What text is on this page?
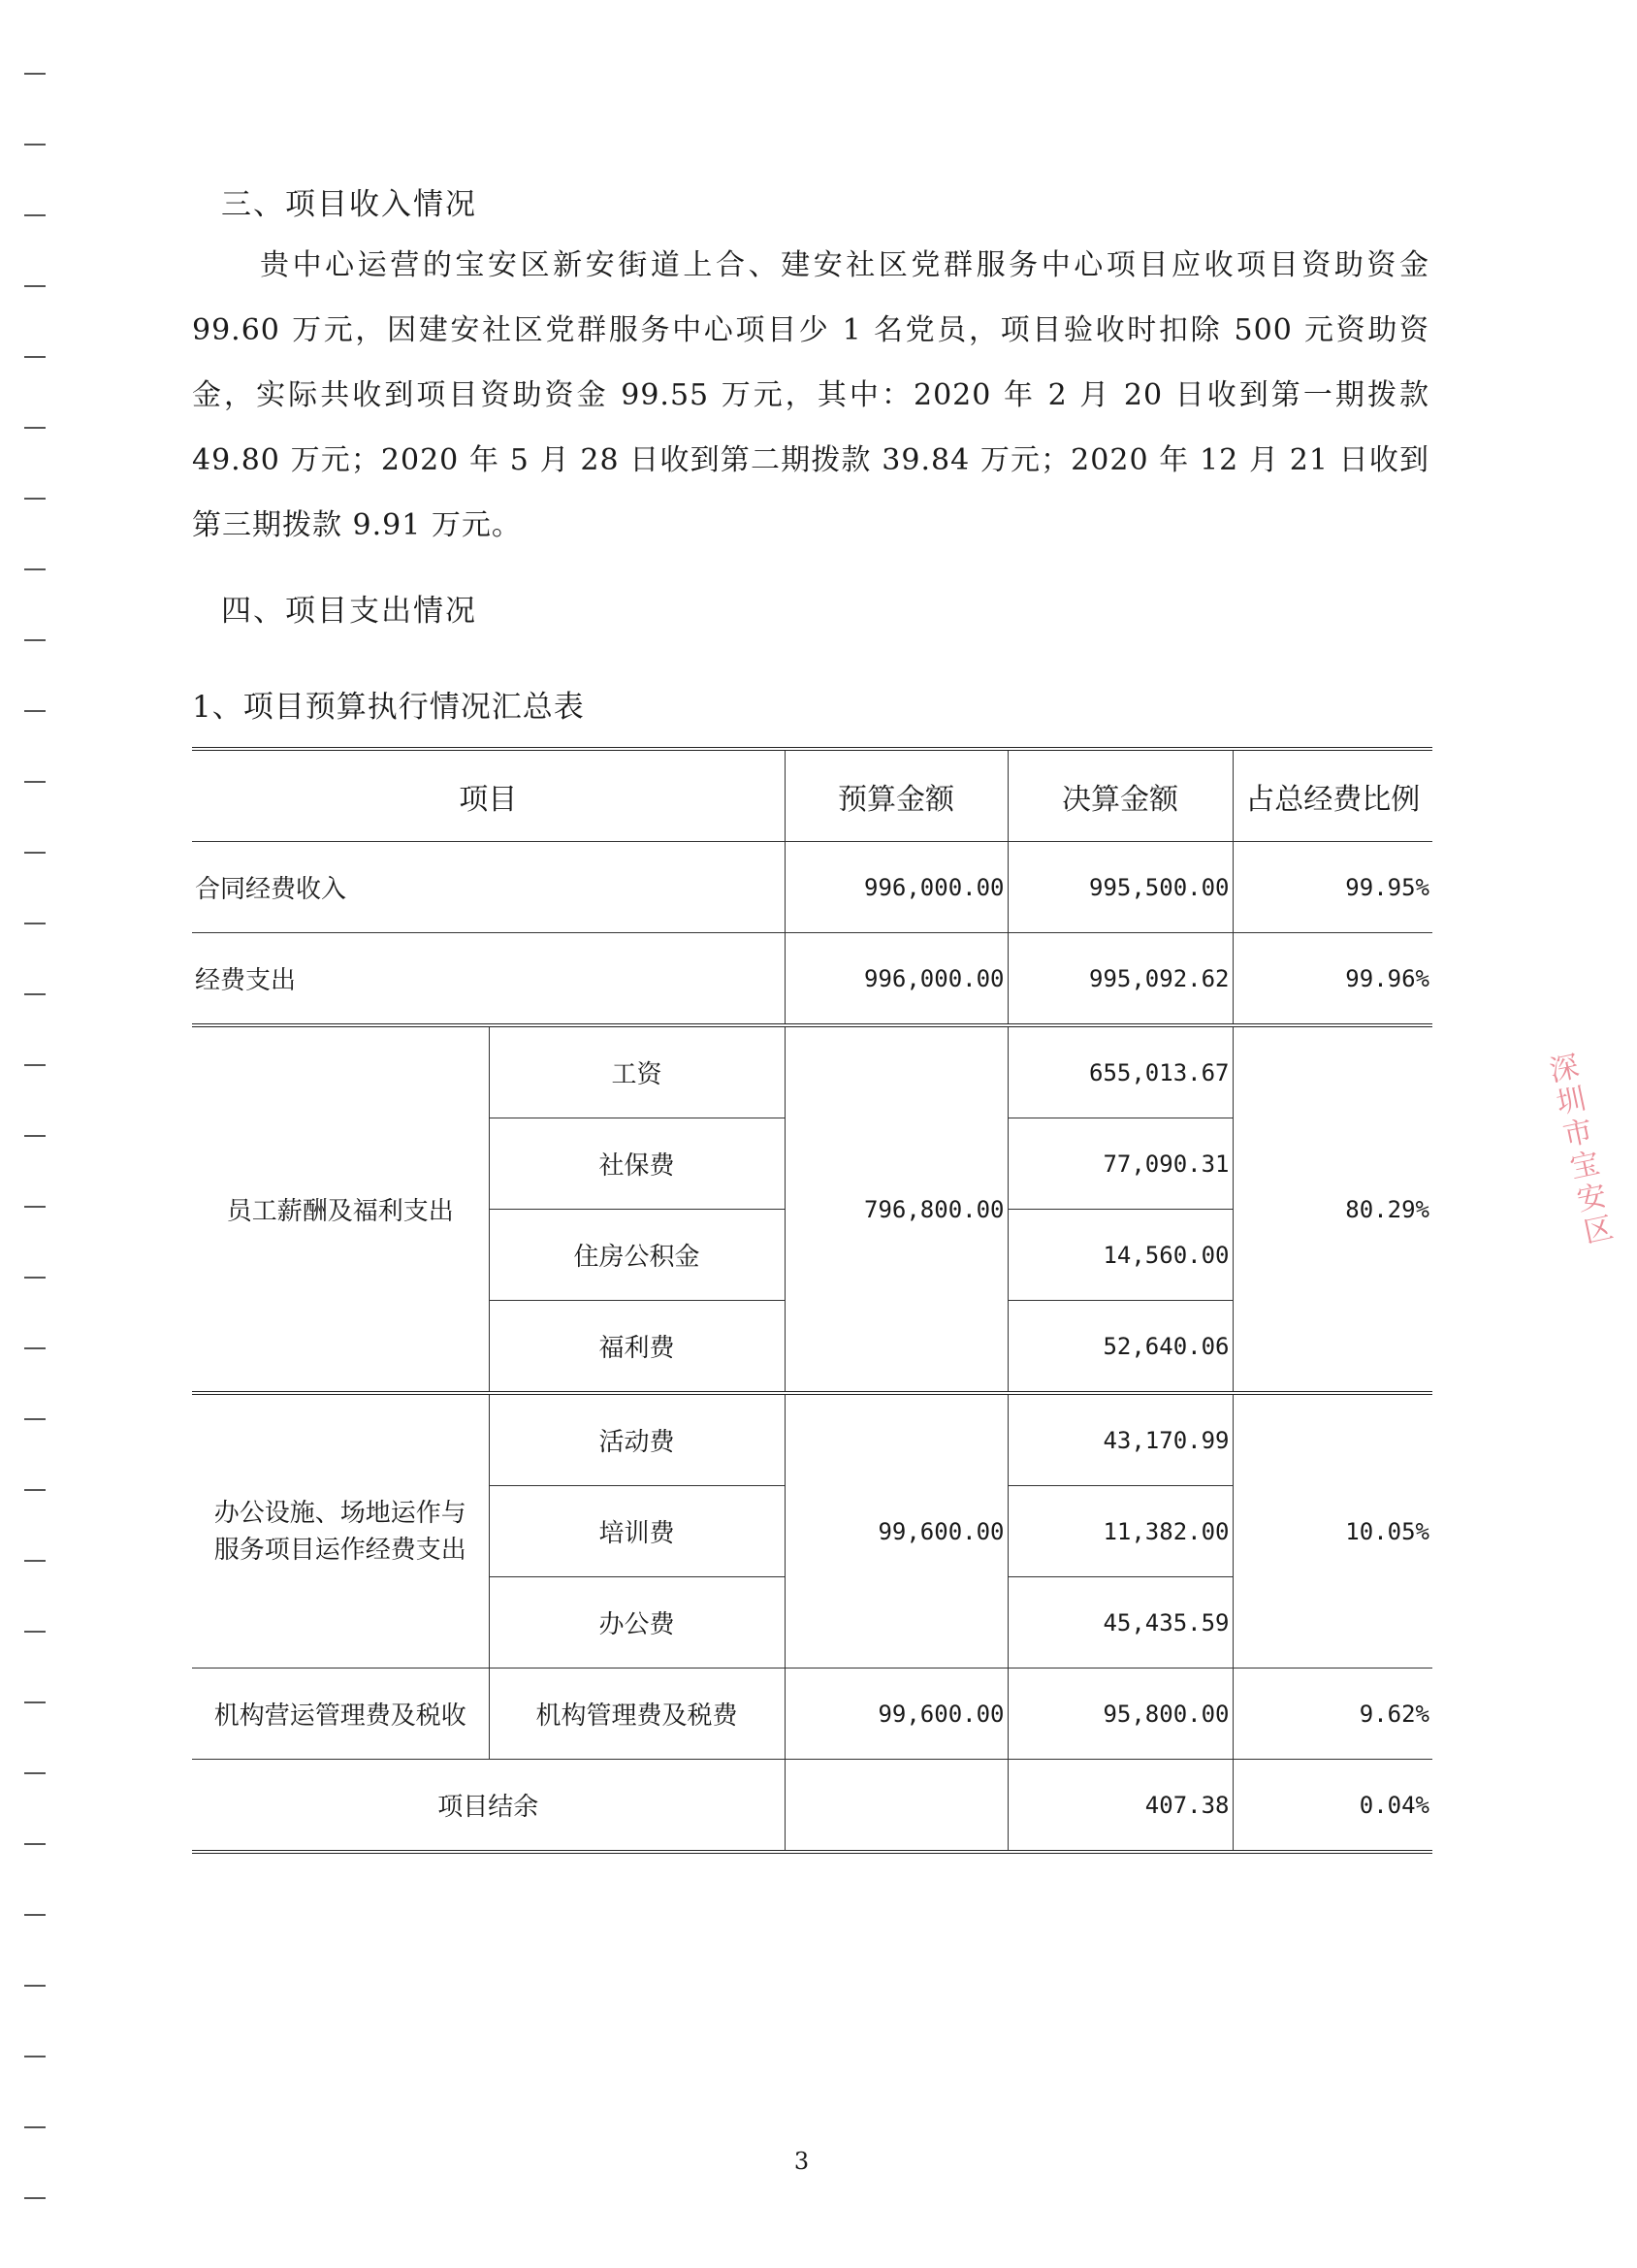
三、项目收入情况

贵中心运营的宝安区新安街道上合、建安社区党群服务中心项目应收项目资助资金 99.60 万元，因建安社区党群服务中心项目少 1 名党员，项目验收时扣除 500 元资助资金，实际共收到项目资助资金 99.55 万元，其中：2020 年 2 月 20 日收到第一期拨款 49.80 万元；2020 年 5 月 28 日收到第二期拨款 39.84 万元；2020 年 12 月 21 日收到第三期拨款 9.91 万元。

四、项目支出情况
1、项目预算执行情况汇总表
项目		预算金额	决算金额	占总经费比例
合同经费收入		996,000.00	995,500.00	99.95%
经费支出		996,000.00	995,092.62	99.96%
员工薪酬及福利支出	工资	796,800.00	655,013.67	80.29%
	社保费		77,090.31	
	住房公积金		14,560.00	
	福利费		52,640.06	
办公设施、场地运作与
服务项目运作经费支出	活动费	99,600.00	43,170.99	10.05%
	培训费		11,382.00	
	办公费		45,435.59	
机构营运管理费及税收	机构管理费及税费	99,600.00	95,800.00	9.62%
项目结余			407.38	0.04%
深圳市宝安区
3
